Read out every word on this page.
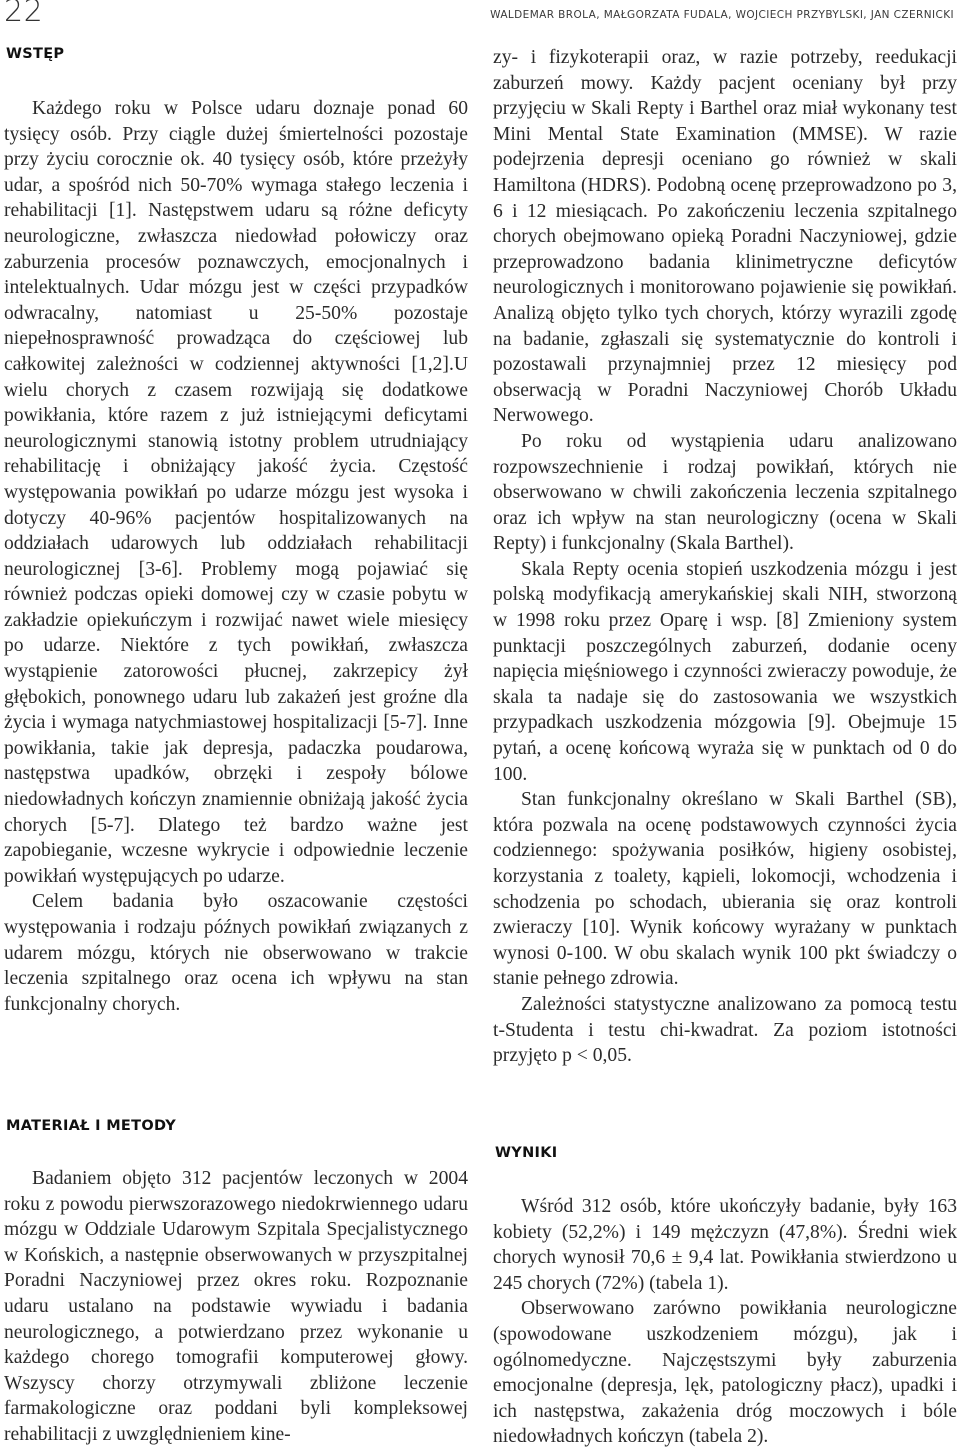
22	WALDEMAR BROLA, MAŁGORZATA FUDALA, WOJCIECH PRZYBYLSKI, JAN CZERNICKI
WSTĘP

Każdego roku w Polsce udaru doznaje ponad 60 tysięcy osób. Przy ciągle dużej śmiertelności pozostaje przy życiu corocznie ok. 40 tysięcy osób, które przeżyły udar, a spośród nich 50-70% wymaga stałego leczenia i rehabilitacji [1]. Następstwem udaru są różne deficyty neurologiczne, zwłaszcza niedowład połowiczy oraz zaburzenia procesów poznawczych, emocjonalnych i intelektualnych. Udar mózgu jest w części przypadków odwracalny, natomiast u 25-50% pozostaje niepełnosprawność prowadząca do częściowej lub całkowitej zależności w codziennej aktywności [1,2].U wielu chorych z czasem rozwijają się dodatkowe powikłania, które razem z już istniejącymi deficytami neurologicznymi stanowią istotny problem utrudniający rehabilitację i obniżający jakość życia. Częstość występowania powikłań po udarze mózgu jest wysoka i dotyczy 40-96% pacjentów hospitalizowanych na oddziałach udarowych lub oddziałach rehabilitacji neurologicznej [3-6]. Problemy mogą pojawiać się również podczas opieki domowej czy w czasie pobytu w zakładzie opiekuńczym i rozwijać nawet wiele miesięcy po udarze. Niektóre z tych powikłań, zwłaszcza wystąpienie zatorowości płucnej, zakrzepicy żył głębokich, ponownego udaru lub zakażeń jest groźne dla życia i wymaga natychmiastowej hospitalizacji [5-7]. Inne powikłania, takie jak depresja, padaczka poudarowa, następstwa upadków, obrzęki i zespoły bólowe niedowładnych kończyn znamiennie obniżają jakość życia chorych [5-7]. Dlatego też bardzo ważne jest zapobieganie, wczesne wykrycie i odpowiednie leczenie powikłań występujących po udarze.

Celem badania było oszacowanie częstości występowania i rodzaju późnych powikłań związanych z udarem mózgu, których nie obserwowano w trakcie leczenia szpitalnego oraz ocena ich wpływu na stan funkcjonalny chorych.

zy- i fizykoterapii oraz, w razie potrzeby, reedukacji zaburzeń mowy. Każdy pacjent oceniany był przy przyjęciu w Skali Repty i Barthel oraz miał wykonany test Mini Mental State Examination (MMSE). W razie podejrzenia depresji oceniano go również w skali Hamiltona (HDRS). Podobną ocenę przeprowadzono po 3, 6 i 12 miesiącach. Po zakończeniu leczenia szpitalnego chorych obejmowano opieką Poradni Naczyniowej, gdzie przeprowadzono badania klinimetryczne deficytów neurologicznych i monitorowano pojawienie się powikłań. Analizą objęto tylko tych chorych, którzy wyrazili zgodę na badanie, zgłaszali się systematycznie do kontroli i pozostawali przynajmniej przez 12 miesięcy pod obserwacją w Poradni Naczyniowej Chorób Układu Nerwowego.

Po roku od wystąpienia udaru analizowano rozpowszechnienie i rodzaj powikłań, których nie obserwowano w chwili zakończenia leczenia szpitalnego oraz ich wpływ na stan neurologiczny (ocena w Skali Repty) i funkcjonalny (Skala Barthel).

Skala Repty ocenia stopień uszkodzenia mózgu i jest polską modyfikacją amerykańskiej skali NIH, stworzoną w 1998 roku przez Oparę i wsp. [8] Zmieniony system punktacji poszczególnych zaburzeń, dodanie oceny napięcia mięśniowego i czynności zwieraczy powoduje, że skala ta nadaje się do zastosowania we wszystkich przypadkach uszkodzenia mózgowia [9]. Obejmuje 15 pytań, a ocenę końcową wyraża się w punktach od 0 do 100.

Stan funkcjonalny określano w Skali Barthel (SB), która pozwala na ocenę podstawowych czynności życia codziennego: spożywania posiłków, higieny osobistej, korzystania z toalety, kąpieli, lokomocji, wchodzenia i schodzenia po schodach, ubierania się oraz kontroli zwieraczy [10]. Wynik końcowy wyrażany w punktach wynosi 0-100. W obu skalach wynik 100 pkt świadczy o stanie pełnego zdrowia.

Zależności statystyczne analizowano za pomocą testu t-Studenta i testu chi-kwadrat. Za poziom istotności przyjęto p < 0,05.

MATERIAŁ I METODY

Badaniem objęto 312 pacjentów leczonych w 2004 roku z powodu pierwszorazowego niedokrwiennego udaru mózgu w Oddziale Udarowym Szpitala Specjalistycznego w Końskich, a następnie obserwowanych w przyszpitalnej Poradni Naczyniowej przez okres roku. Rozpoznanie udaru ustalano na podstawie wywiadu i badania neurologicznego, a potwierdzano przez wykonanie u każdego chorego tomografii komputerowej głowy. Wszyscy chorzy otrzymywali zbliżone leczenie farmakologiczne oraz poddani byli kompleksowej rehabilitacji z uwzględnieniem kine-

WYNIKI

Wśród 312 osób, które ukończyły badanie, były 163 kobiety (52,2%) i 149 mężczyzn (47,8%). Średni wiek chorych wynosił 70,6 ± 9,4 lat. Powikłania stwierdzono u 245 chorych (72%) (tabela 1).

Obserwowano zarówno powikłania neurologiczne (spowodowane uszkodzeniem mózgu), jak i ogólnomedyczne. Najczęstszymi były zaburzenia emocjonalne (depresja, lęk, patologiczny płacz), upadki i ich następstwa, zakażenia dróg moczowych i bóle niedowładnych kończyn (tabela 2).
